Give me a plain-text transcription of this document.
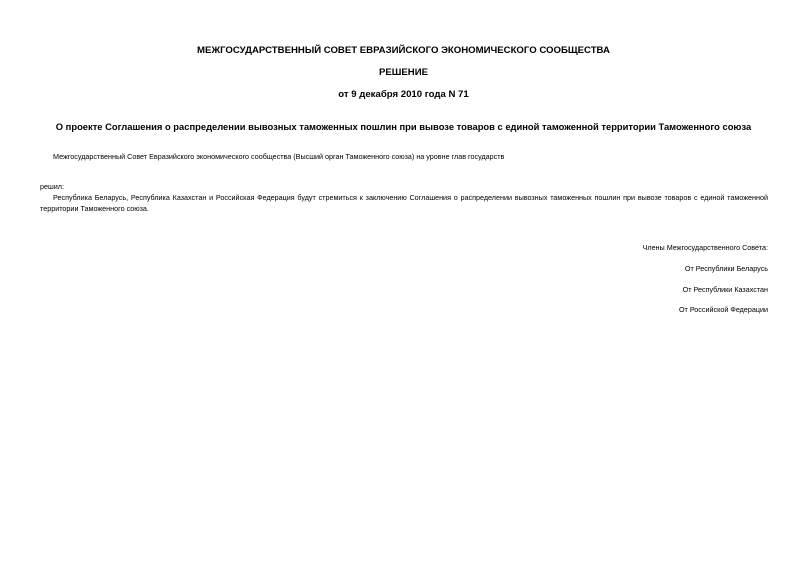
МЕЖГОСУДАРСТВЕННЫЙ СОВЕТ ЕВРАЗИЙСКОГО ЭКОНОМИЧЕСКОГО СООБЩЕСТВА
РЕШЕНИЕ
от 9 декабря 2010 года N 71
О проекте Соглашения о распределении вывозных таможенных пошлин при вывозе товаров с единой таможенной территории Таможенного союза
Межгосударственный Совет Евразийского экономического сообщества (Высший орган Таможенного союза) на уровне глав государств
решил:
Республика Беларусь, Республика Казахстан и Российская Федерация будут стремиться к заключению Соглашения о распределении вывозных таможенных пошлин при вывозе товаров с единой таможенной территории Таможенного союза.
Члены Межгосударственного Совета:
От Республики Беларусь
От Республики Казахстан
От Российской Федерации
